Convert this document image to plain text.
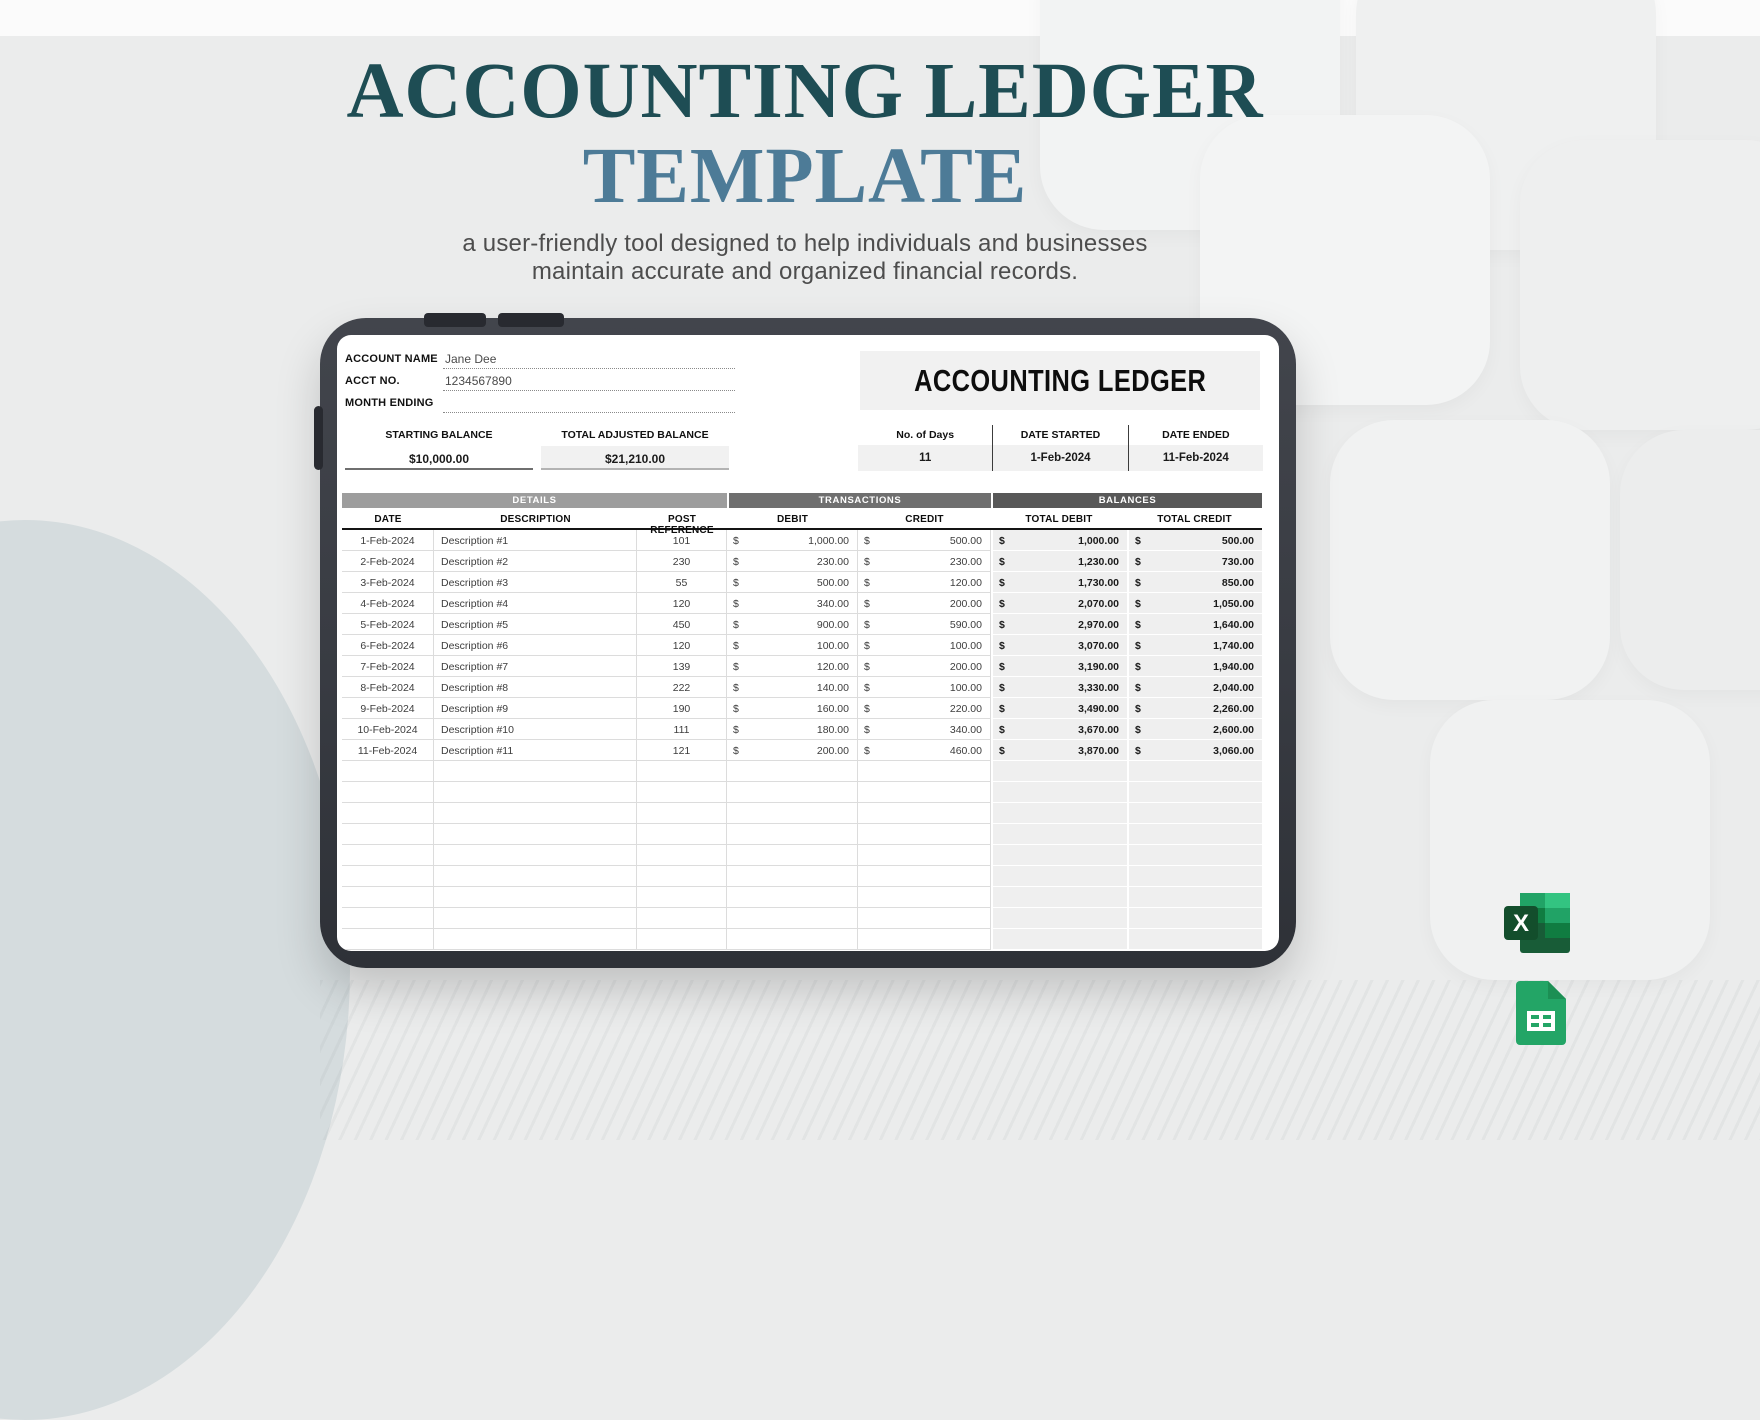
ACCOUNTING LEDGER
TEMPLATE
a user-friendly tool designed to help individuals and businesses
maintain accurate and organized financial records.
ACCOUNT NAME Jane Dee
ACCT NO.	1234567890
MONTH ENDING
ACCOUNTING LEDGER
STARTING BALANCE
$10,000.00
TOTAL ADJUSTED BALANCE
$21,210.00
No. of Days
11
DATE STARTED
1-Feb-2024
DATE ENDED
11-Feb-2024
DETAILS	TRANSACTIONS	BALANCES
DATE	DESCRIPTION	POST REFERENCE
DEBIT	CREDIT	TOTAL DEBIT	TOTAL CREDIT
1-Feb-2024	Description #1	101	$	1,000.00 $	500.00 $	1,000.00 $	500.00
2-Feb-2024	Description #2	230	$	230.00 $	230.00 $	1,230.00 $	730.00
3-Feb-2024	Description #3	55	$	500.00 $	120.00 $	1,730.00 $	850.00
4-Feb-2024	Description #4	120	$	340.00 $	200.00 $	2,070.00 $	1,050.00
5-Feb-2024	Description #5	450	$	900.00 $	590.00 $	2,970.00 $	1,640.00
6-Feb-2024	Description #6	120	$	100.00 $	100.00 $	3,070.00 $	1,740.00
7-Feb-2024	Description #7	139	$	120.00 $	200.00 $	3,190.00 $	1,940.00
8-Feb-2024	Description #8	222	$	140.00 $	100.00 $	3,330.00 $	2,040.00
9-Feb-2024	Description #9	190	$	160.00 $	220.00 $	3,490.00 $	2,260.00
10-Feb-2024	Description #10	111	$	180.00 $	340.00 $	3,670.00 $	2,600.00
11-Feb-2024	Description #11	121	$	200.00 $	460.00 $	3,870.00 $	3,060.00
X
